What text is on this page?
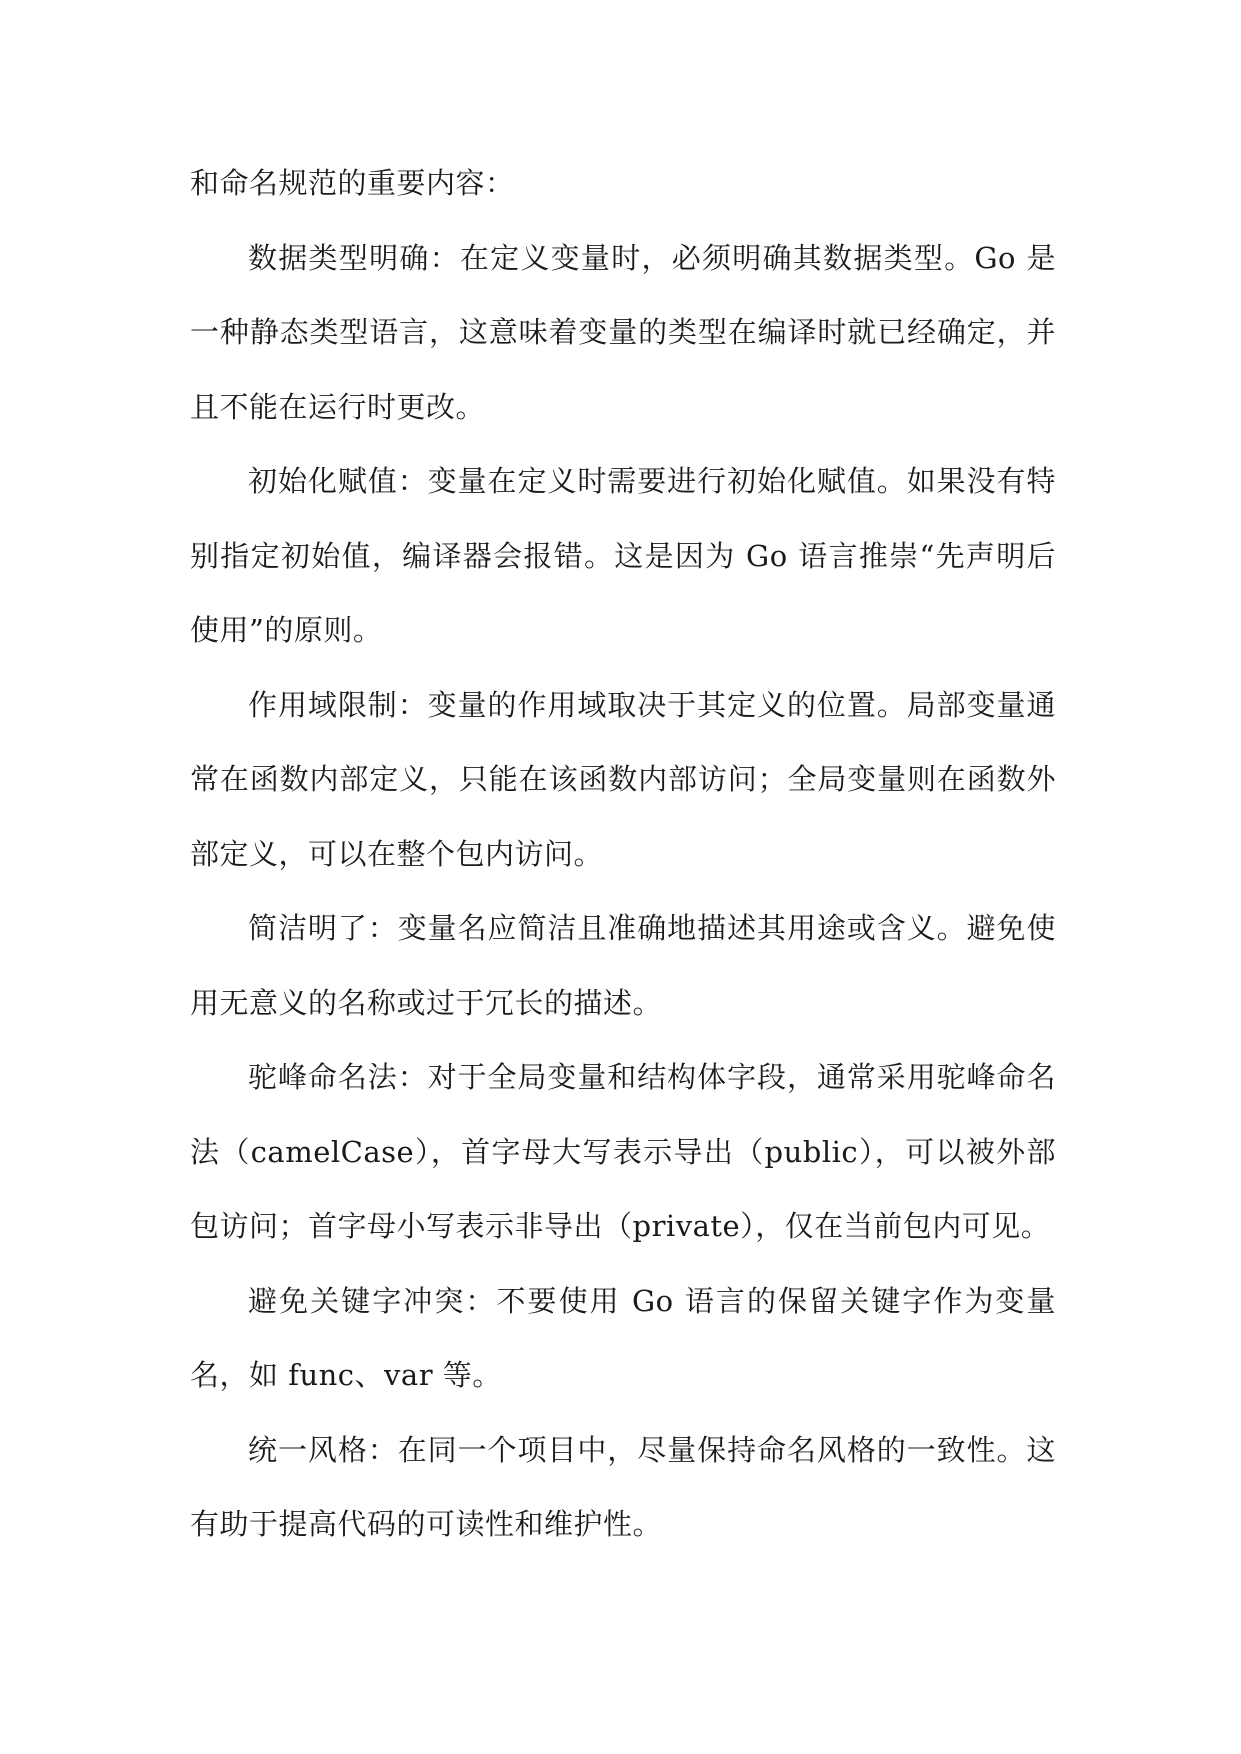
和命名规范的重要内容：

数据类型明确：在定义变量时，必须明确其数据类型。Go 是一种静态类型语言，这意味着变量的类型在编译时就已经确定，并且不能在运行时更改。

初始化赋值：变量在定义时需要进行初始化赋值。如果没有特别指定初始值，编译器会报错。这是因为 Go 语言推崇“先声明后使用”的原则。

作用域限制：变量的作用域取决于其定义的位置。局部变量通常在函数内部定义，只能在该函数内部访问；全局变量则在函数外部定义，可以在整个包内访问。

简洁明了：变量名应简洁且准确地描述其用途或含义。避免使用无意义的名称或过于冗长的描述。

驼峰命名法：对于全局变量和结构体字段，通常采用驼峰命名法（camelCase），首字母大写表示导出（public），可以被外部包访问；首字母小写表示非导出（private），仅在当前包内可见。

避免关键字冲突：不要使用 Go 语言的保留关键字作为变量名，如 func、var 等。

统一风格：在同一个项目中，尽量保持命名风格的一致性。这有助于提高代码的可读性和维护性。
